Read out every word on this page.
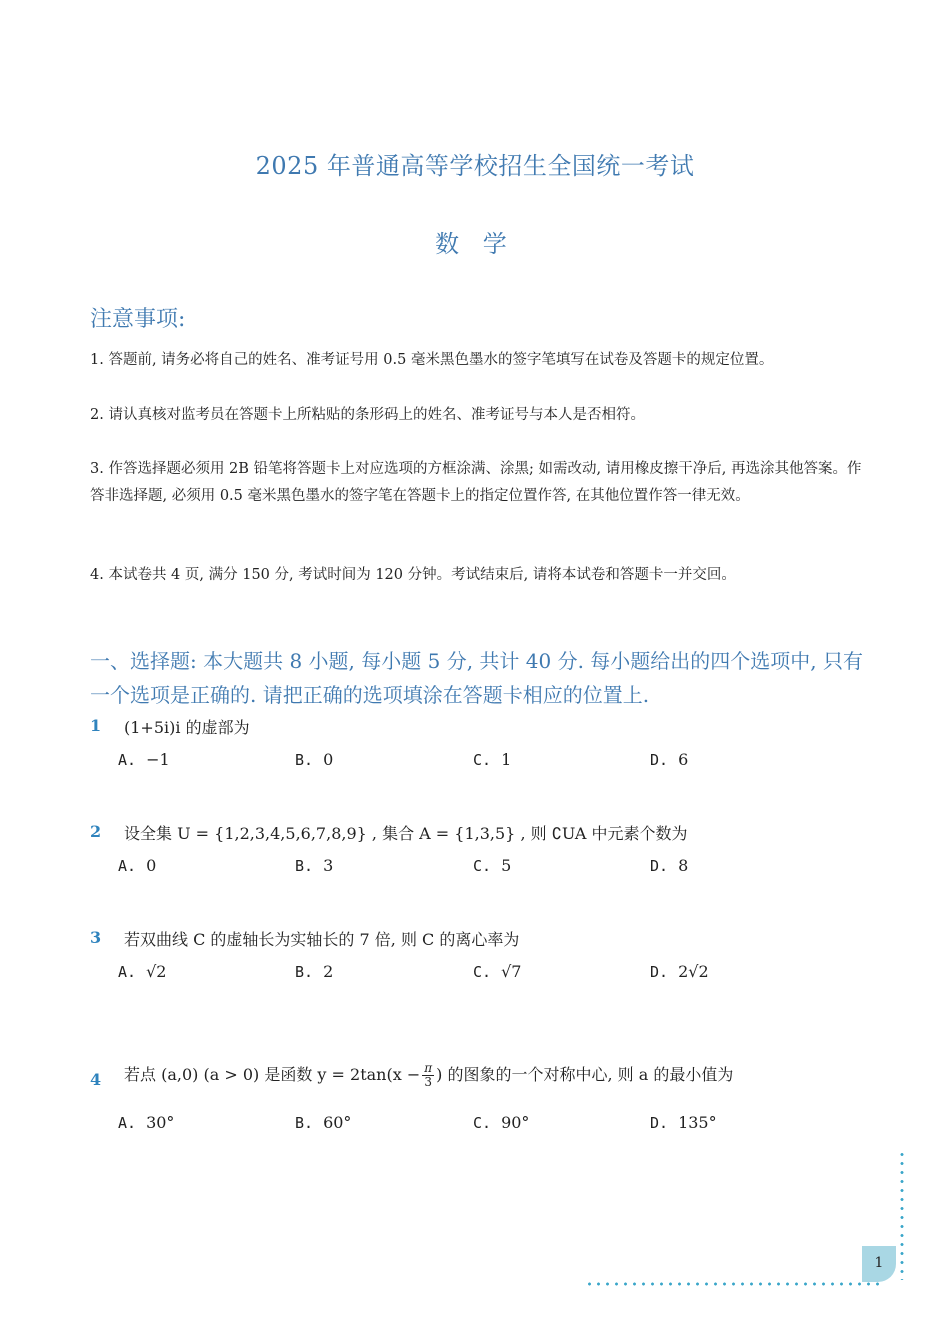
2025 年普通高等学校招生全国统一考试
数 学
注意事项:
1. 答题前, 请务必将自己的姓名、准考证号用 0.5 毫米黑色墨水的签字笔填写在试卷及答题卡的规定位置。
2. 请认真核对监考员在答题卡上所粘贴的条形码上的姓名、准考证号与本人是否相符。
3. 作答选择题必须用 2B 铅笔将答题卡上对应选项的方框涂满、涂黑; 如需改动, 请用橡皮擦干净后, 再选涂其他答案。作答非选择题, 必须用 0.5 毫米黑色墨水的签字笔在答题卡上的指定位置作答, 在其他位置作答一律无效。
4. 本试卷共 4 页, 满分 150 分, 考试时间为 120 分钟。考试结束后, 请将本试卷和答题卡一并交回。
一、选择题: 本大题共 8 小题, 每小题 5 分, 共计 40 分. 每小题给出的四个选项中, 只有 一个选项是正确的. 请把正确的选项填涂在答题卡相应的位置上.
1 (1+5i)i 的虚部为
A. −1	B. 0	C. 1	D. 6
2 设全集 U = {1,2,3,4,5,6,7,8,9} , 集合 A = {1,3,5} , 则 ∁UA 中元素个数为
A. 0	B. 3	C. 5	D. 8
3 若双曲线 C 的虚轴长为实轴长的 7 倍, 则 C 的离心率为
A. √2	B. 2	C. √7	D. 2√2
4 若点 (a,0) (a > 0) 是函数 $y = 2\tan(x - \frac{\pi}{3}$ ) 的图象的一个对称中心, 则 a 的最小值为
A. 30°	B. 60°	C. 90°	D. 135°
1
